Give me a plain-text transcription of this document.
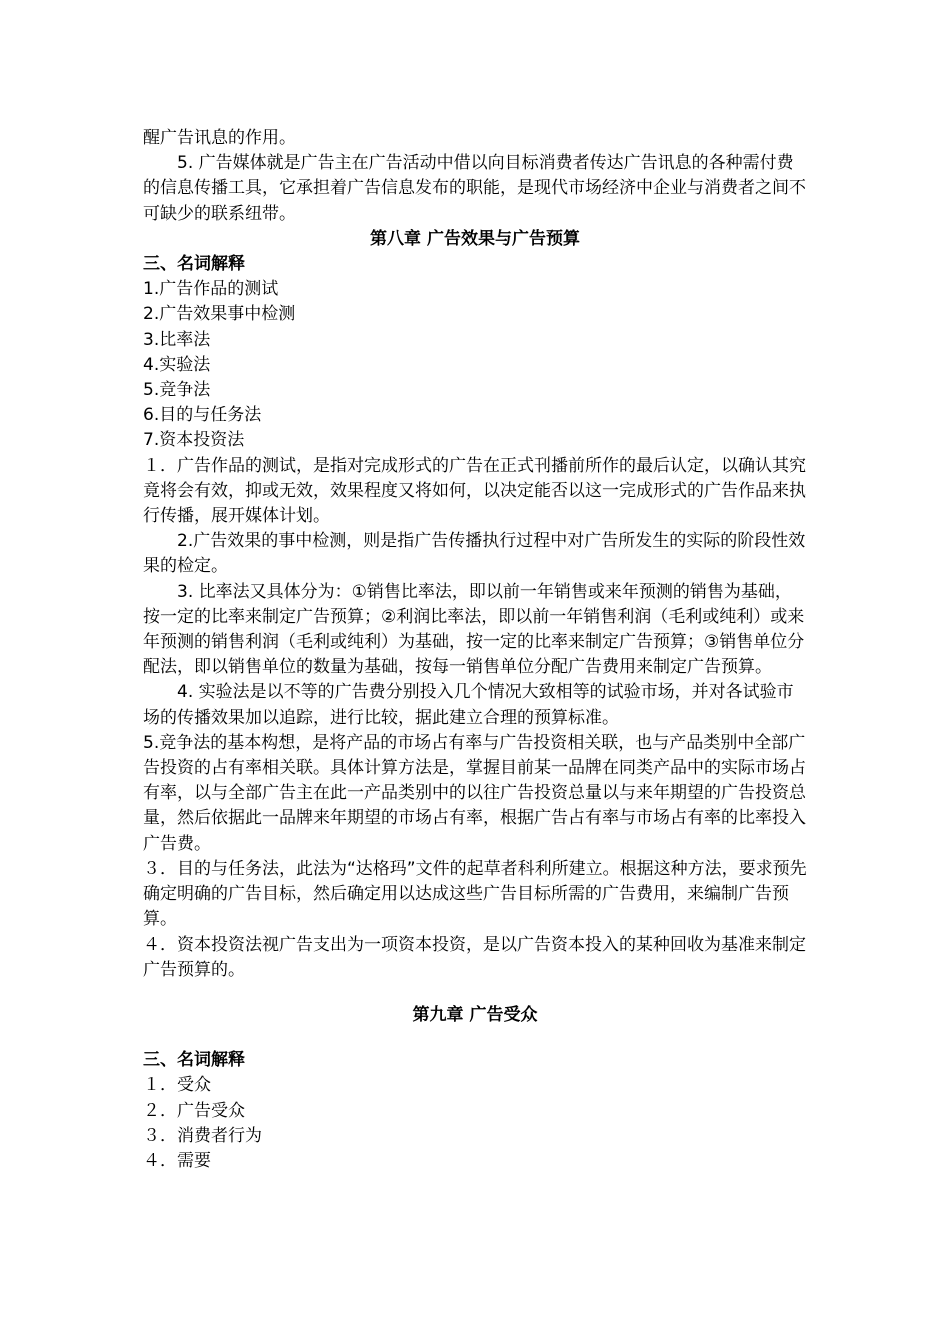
醒广告讯息的作用。

5. 广告媒体就是广告主在广告活动中借以向目标消费者传达广告讯息的各种需付费的信息传播工具，它承担着广告信息发布的职能，是现代市场经济中企业与消费者之间不可缺少的联系纽带。

第八章 广告效果与广告预算
三、名词解释
1.广告作品的测试
2.广告效果事中检测
3.比率法
4.实验法
5.竞争法
6.目的与任务法
7.资本投资法

１．广告作品的测试，是指对完成形式的广告在正式刊播前所作的最后认定，以确认其究竟将会有效，抑或无效，效果程度又将如何，以决定能否以这一完成形式的广告作品来执行传播，展开媒体计划。

2.广告效果的事中检测，则是指广告传播执行过程中对广告所发生的实际的阶段性效果的检定。

3. 比率法又具体分为：①销售比率法，即以前一年销售或来年预测的销售为基础，按一定的比率来制定广告预算；②利润比率法，即以前一年销售利润（毛利或纯利）或来年预测的销售利润（毛利或纯利）为基础，按一定的比率来制定广告预算；③销售单位分配法，即以销售单位的数量为基础，按每一销售单位分配广告费用来制定广告预算。

4. 实验法是以不等的广告费分别投入几个情况大致相等的试验市场，并对各试验市场的传播效果加以追踪，进行比较，据此建立合理的预算标准。

5.竞争法的基本构想，是将产品的市场占有率与广告投资相关联，也与产品类别中全部广告投资的占有率相关联。具体计算方法是，掌握目前某一品牌在同类产品中的实际市场占有率，以与全部广告主在此一产品类别中的以往广告投资总量以与来年期望的广告投资总量，然后依据此一品牌来年期望的市场占有率，根据广告占有率与市场占有率的比率投入广告费。

３．目的与任务法，此法为“达格玛”文件的起草者科利所建立。根据这种方法，要求预先确定明确的广告目标，然后确定用以达成这些广告目标所需的广告费用，来编制广告预算。

４．资本投资法视广告支出为一项资本投资，是以广告资本投入的某种回收为基准来制定广告预算的。

第九章 广告受众
三、名词解释
１．受众
２．广告受众
３．消费者行为
４．需要
